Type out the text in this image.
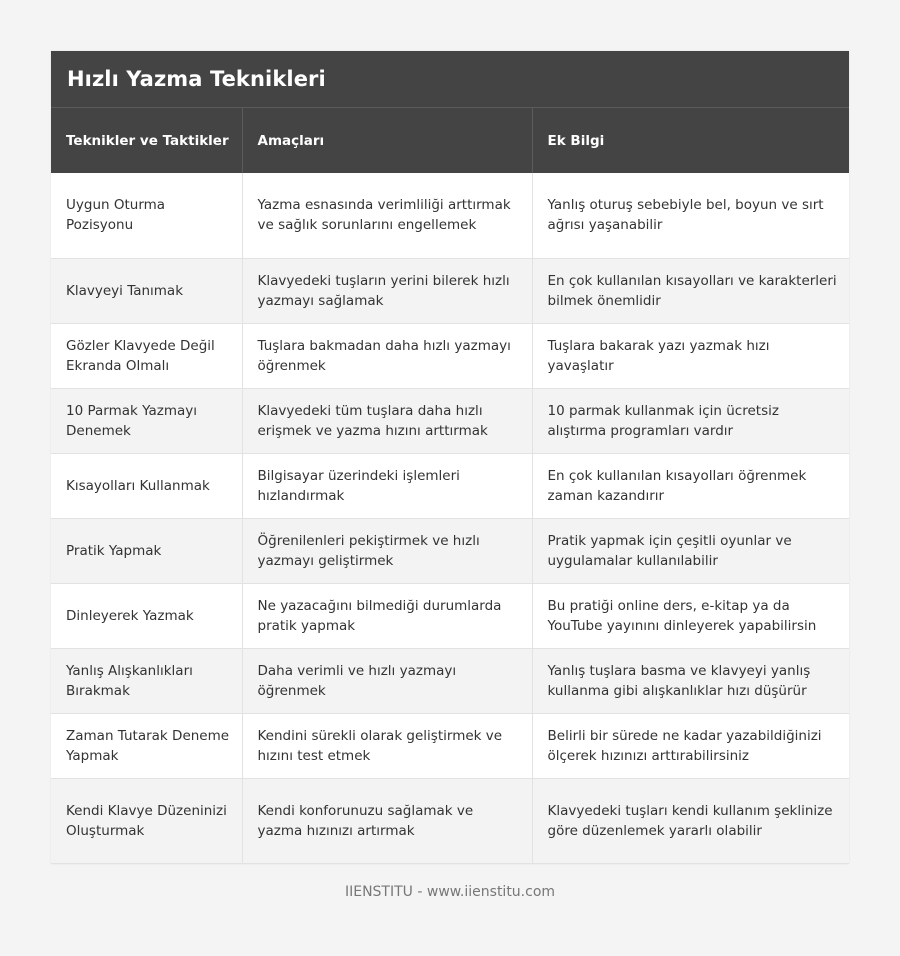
Hızlı Yazma Teknikleri
Teknikler ve Taktikler	Amaçları	Ek Bilgi
Uygun Oturma Pozisyonu	Yazma esnasında verimliliği arttırmak ve sağlık sorunlarını engellemek	Yanlış oturuş sebebiyle bel, boyun ve sırt ağrısı yaşanabilir
Klavyeyi Tanımak	Klavyedeki tuşların yerini bilerek hızlı yazmayı sağlamak	En çok kullanılan kısayolları ve karakterleri bilmek önemlidir
Gözler Klavyede Değil Ekranda Olmalı	Tuşlara bakmadan daha hızlı yazmayı öğrenmek	Tuşlara bakarak yazı yazmak hızı yavaşlatır
10 Parmak Yazmayı Denemek	Klavyedeki tüm tuşlara daha hızlı erişmek ve yazma hızını arttırmak	10 parmak kullanmak için ücretsiz alıştırma programları vardır
Kısayolları Kullanmak	Bilgisayar üzerindeki işlemleri hızlandırmak	En çok kullanılan kısayolları öğrenmek zaman kazandırır
Pratik Yapmak	Öğrenilenleri pekiştirmek ve hızlı yazmayı geliştirmek	Pratik yapmak için çeşitli oyunlar ve uygulamalar kullanılabilir
Dinleyerek Yazmak	Ne yazacağını bilmediği durumlarda pratik yapmak	Bu pratiği online ders, e-kitap ya da YouTube yayınını dinleyerek yapabilirsin
Yanlış Alışkanlıkları Bırakmak	Daha verimli ve hızlı yazmayı öğrenmek	Yanlış tuşlara basma ve klavyeyi yanlış kullanma gibi alışkanlıklar hızı düşürür
Zaman Tutarak Deneme Yapmak	Kendini sürekli olarak geliştirmek ve hızını test etmek	Belirli bir sürede ne kadar yazabildiğinizi ölçerek hızınızı arttırabilirsiniz
Kendi Klavye Düzeninizi Oluşturmak	Kendi konforunuzu sağlamak ve yazma hızınızı artırmak	Klavyedeki tuşları kendi kullanım şeklinize göre düzenlemek yararlı olabilir
IIENSTITU - www.iienstitu.com
